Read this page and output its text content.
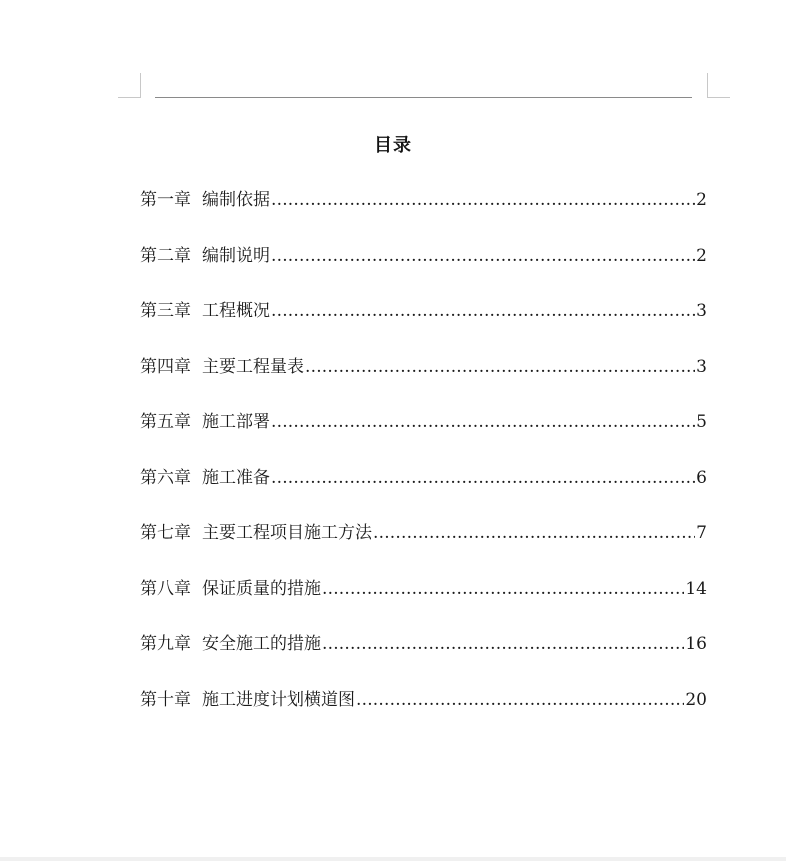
目录
第一章 编制依据 .....	2
第二章 编制说明 .....	2
第三章 工程概况 .....	3
第四章 主要工程量表 .....	3
第五章 施工部署 .....	5
第六章 施工准备 .....	6
第七章 主要工程项目施工方法 .....	7
第八章 保证质量的措施 .....	14
第九章 安全施工的措施 .....	16
第十章 施工进度计划横道图 .....	20
